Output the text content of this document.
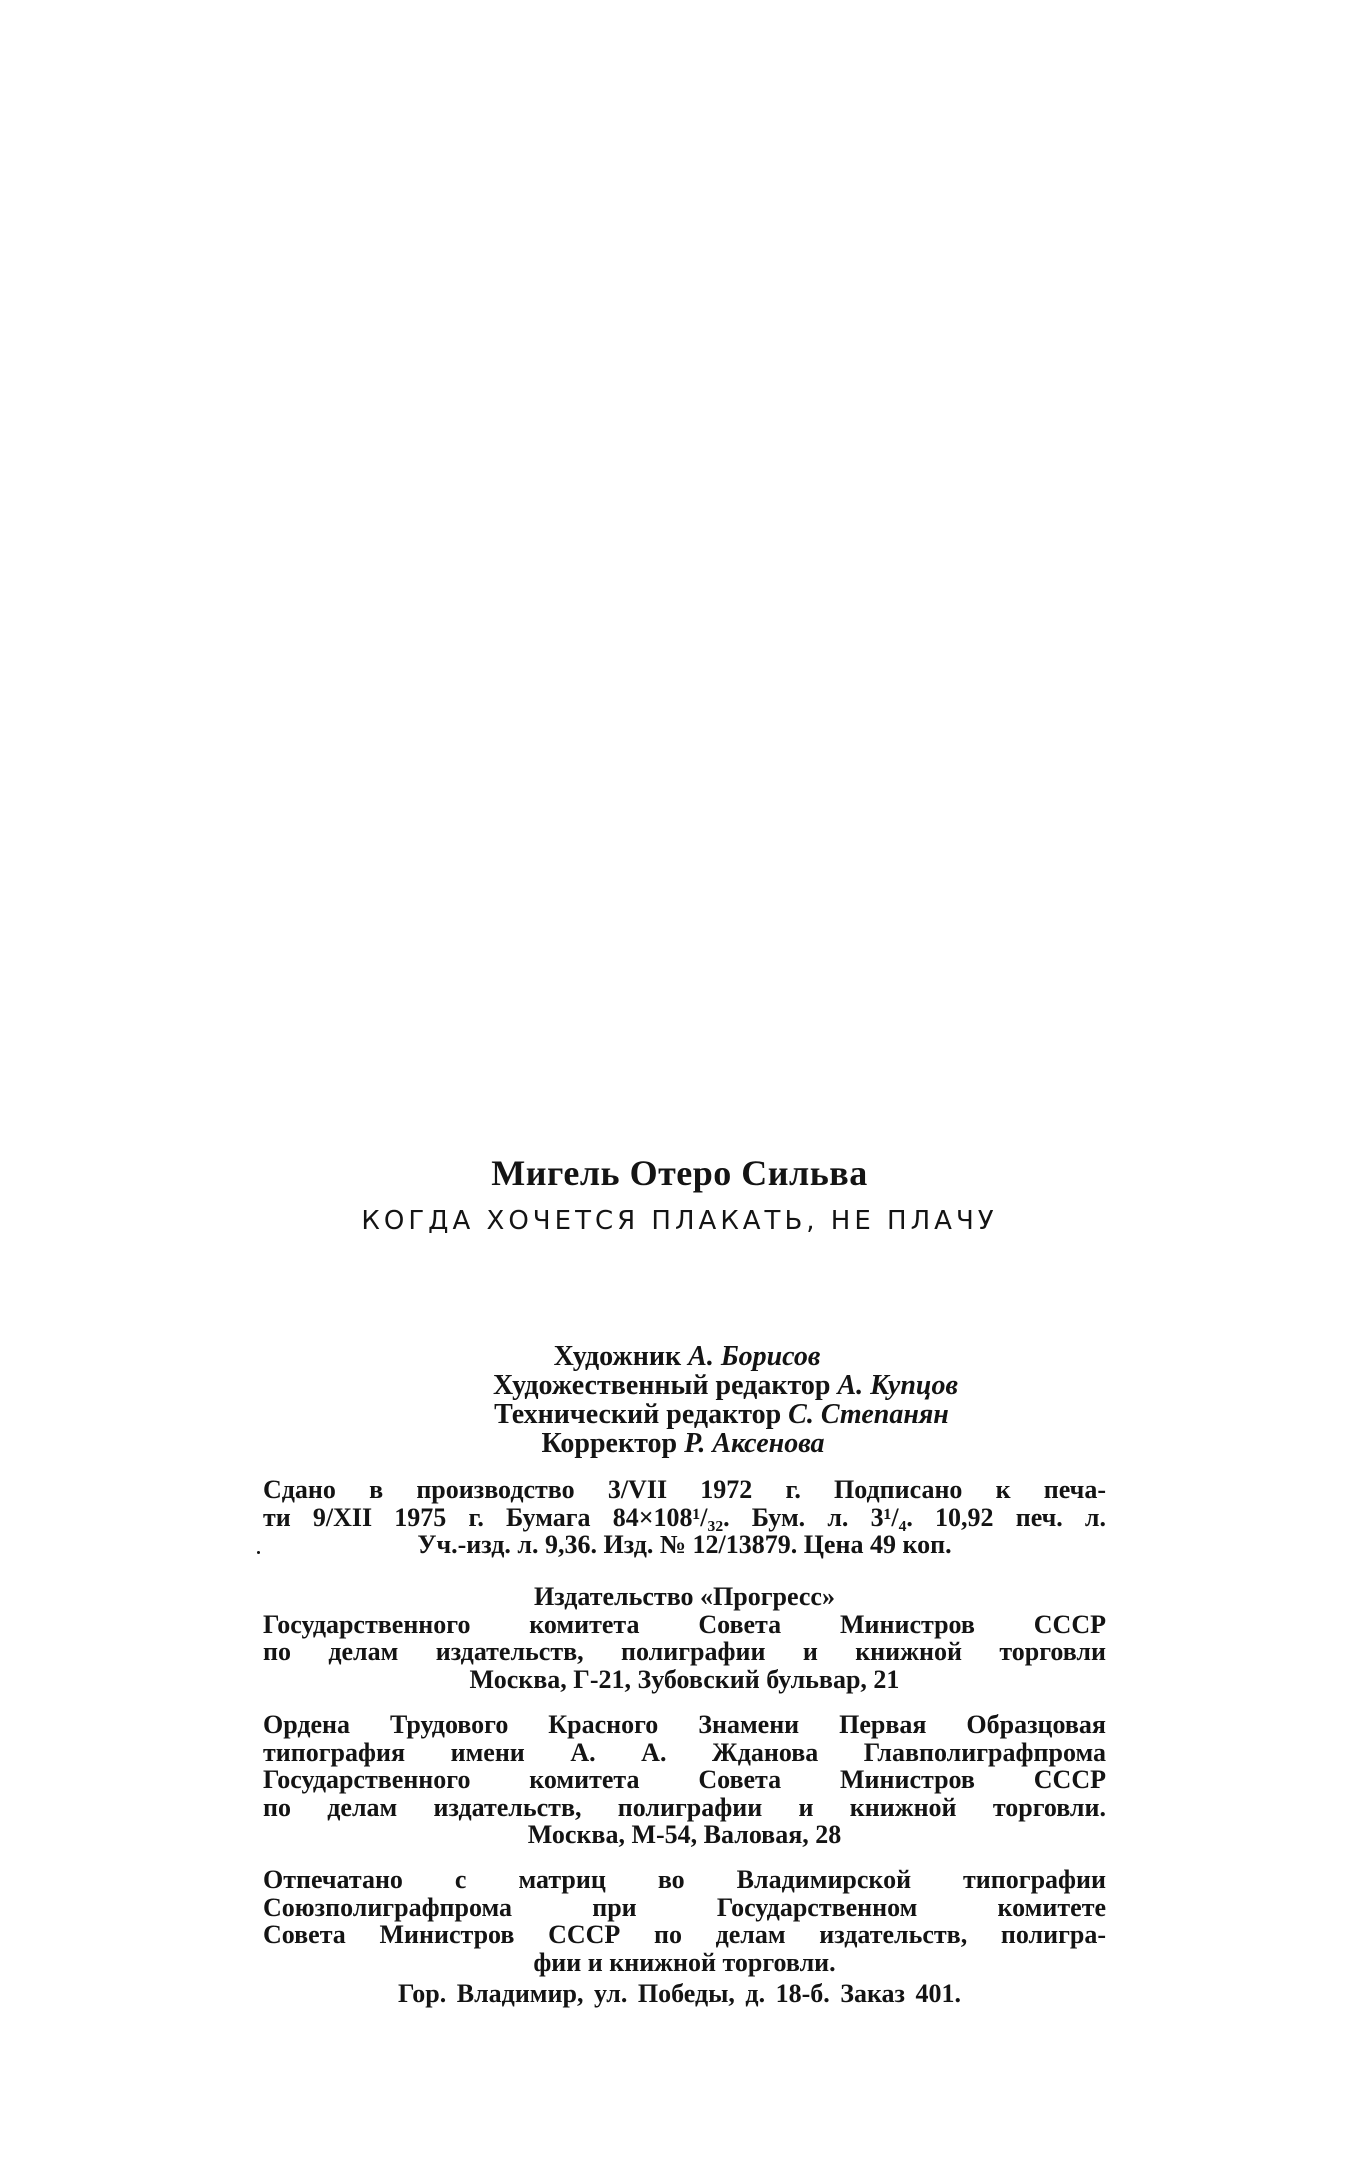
Мигель Отеро Сильва
КОГДА ХОЧЕТСЯ ПЛАКАТЬ, НЕ ПЛАЧУ
Художник А. Борисов
Художественный редактор А. Купцов
Технический редактор С. Степанян
Корректор Р. Аксенова
Сдано в производство 3/VII 1972 г. Подписано к печа-
ти 9/XII 1975 г. Бумага 84×108¹/₃₂. Бум. л. 3¹/₄. 10,92 печ. л.
Уч.-изд. л. 9,36. Изд. № 12/13879. Цена 49 коп.
Издательство «Прогресс»
Государственного комитета Совета Министров СССР
по делам издательств, полиграфии и книжной торговли
Москва, Г-21, Зубовский бульвар, 21
Ордена Трудового Красного Знамени Первая Образцовая
типография имени А. А. Жданова Главполиграфпрома
Государственного комитета Совета Министров СССР
по делам издательств, полиграфии и книжной торговли.
Москва, М-54, Валовая, 28
Отпечатано с матриц во Владимирской типографии
Союзполиграфпрома при Государственном комитете
Совета Министров СССР по делам издательств, полигра-
фии и книжной торговли.
Гор. Владимир, ул. Победы, д. 18-б. Заказ 401.
